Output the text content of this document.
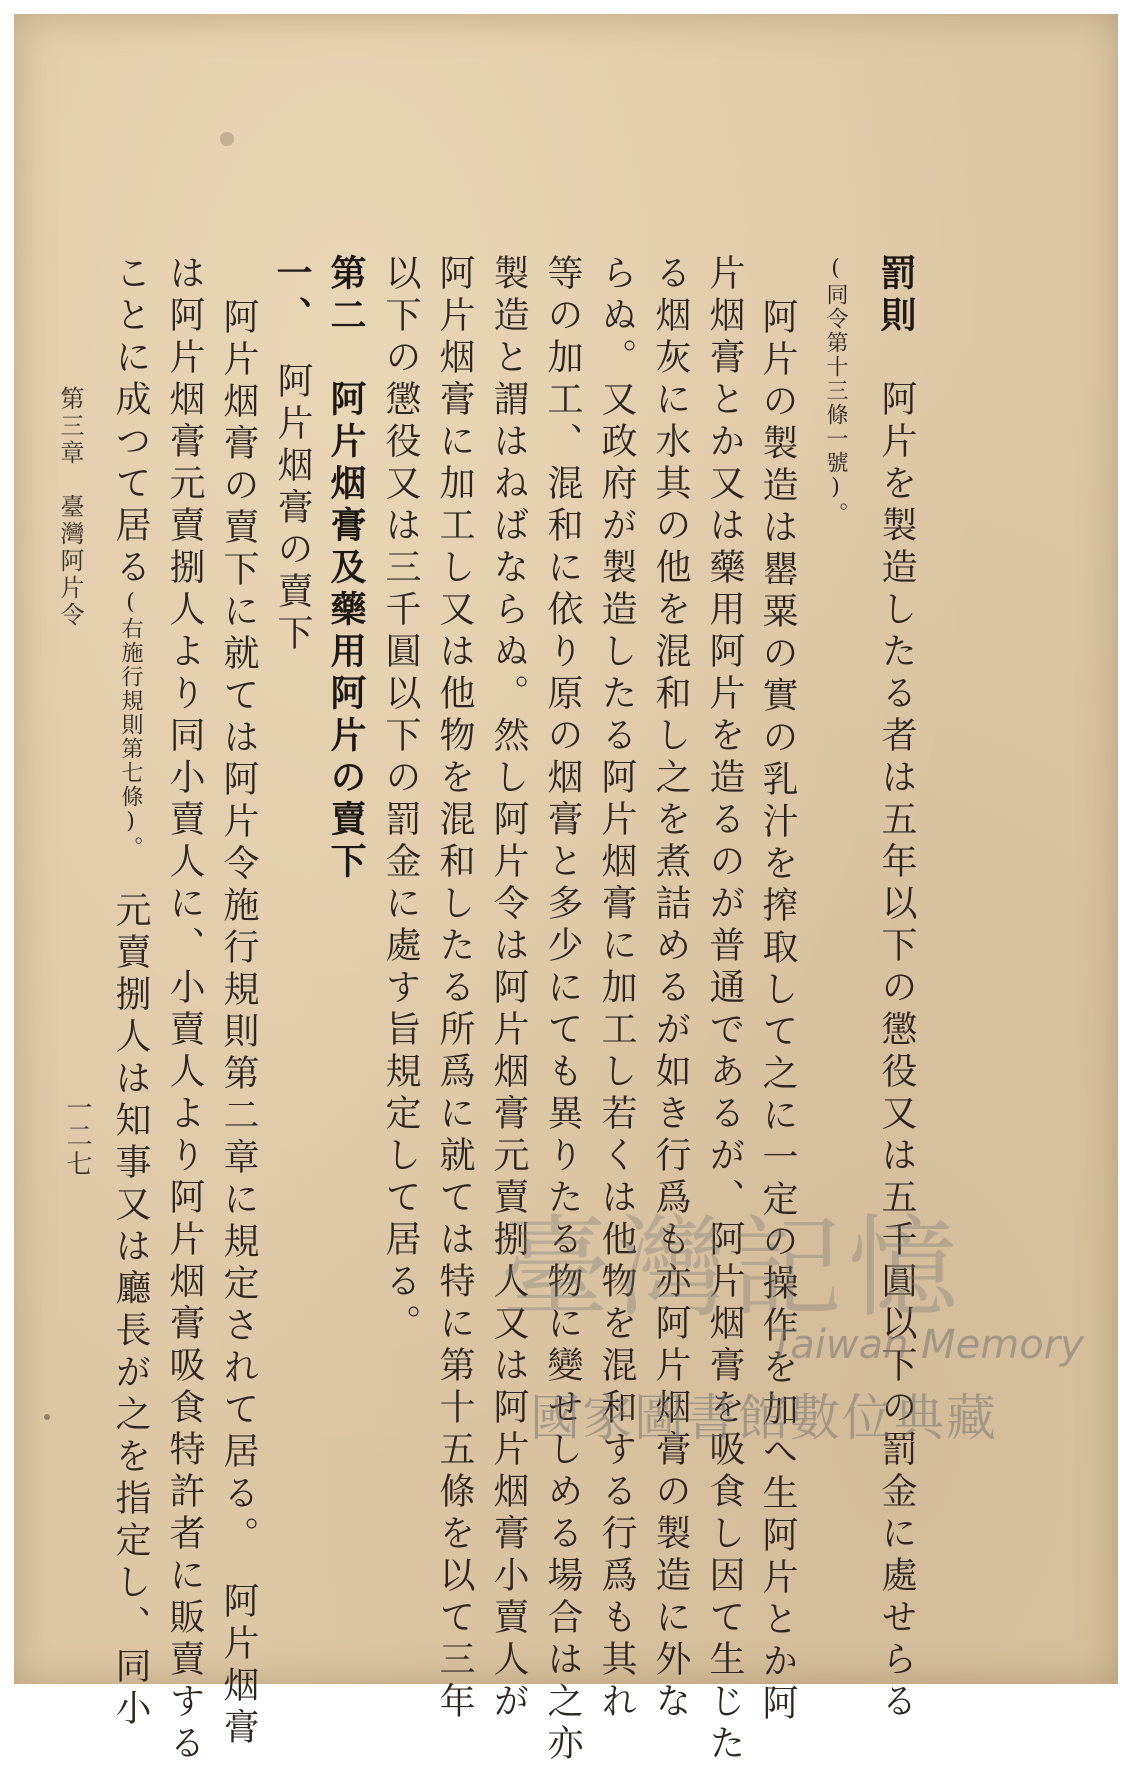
罰則　阿片を製造したる者は五年以下の懲役又は五千圓以下の罰金に處せらる
(同令第十三條一號)。
阿片の製造は罌粟の實の乳汁を搾取して之に一定の操作を加へ生阿片とか阿
片烟膏とか又は藥用阿片を造るのが普通であるが、阿片烟膏を吸食し因て生じた
る烟灰に水其の他を混和し之を煮詰めるが如き行爲も亦阿片烟膏の製造に外な
らぬ。又政府が製造したる阿片烟膏に加工し若くは他物を混和する行爲も其れ
等の加工、混和に依り原の烟膏と多少にても異りたる物に變せしめる場合は之亦
製造と謂はねばならぬ。然し阿片令は阿片烟膏元賣捌人又は阿片烟膏小賣人が
阿片烟膏に加工し又は他物を混和したる所爲に就ては特に第十五條を以て三年
以下の懲役又は三千圓以下の罰金に處す旨規定して居る。
第二　阿片烟膏及藥用阿片の賣下
一、　阿片烟膏の賣下
阿片烟膏の賣下に就ては阿片令施行規則第二章に規定されて居る。　阿片烟膏
は阿片烟膏元賣捌人より同小賣人に、小賣人より阿片烟膏吸食特許者に販賣する
ことに成つて居る(右施行規則第七條)。　元賣捌人は知事又は廳長が之を指定し、同小
第三章　臺灣阿片令
一二七
臺灣記憶
Taiwan Memory
國家圖書館數位典藏
